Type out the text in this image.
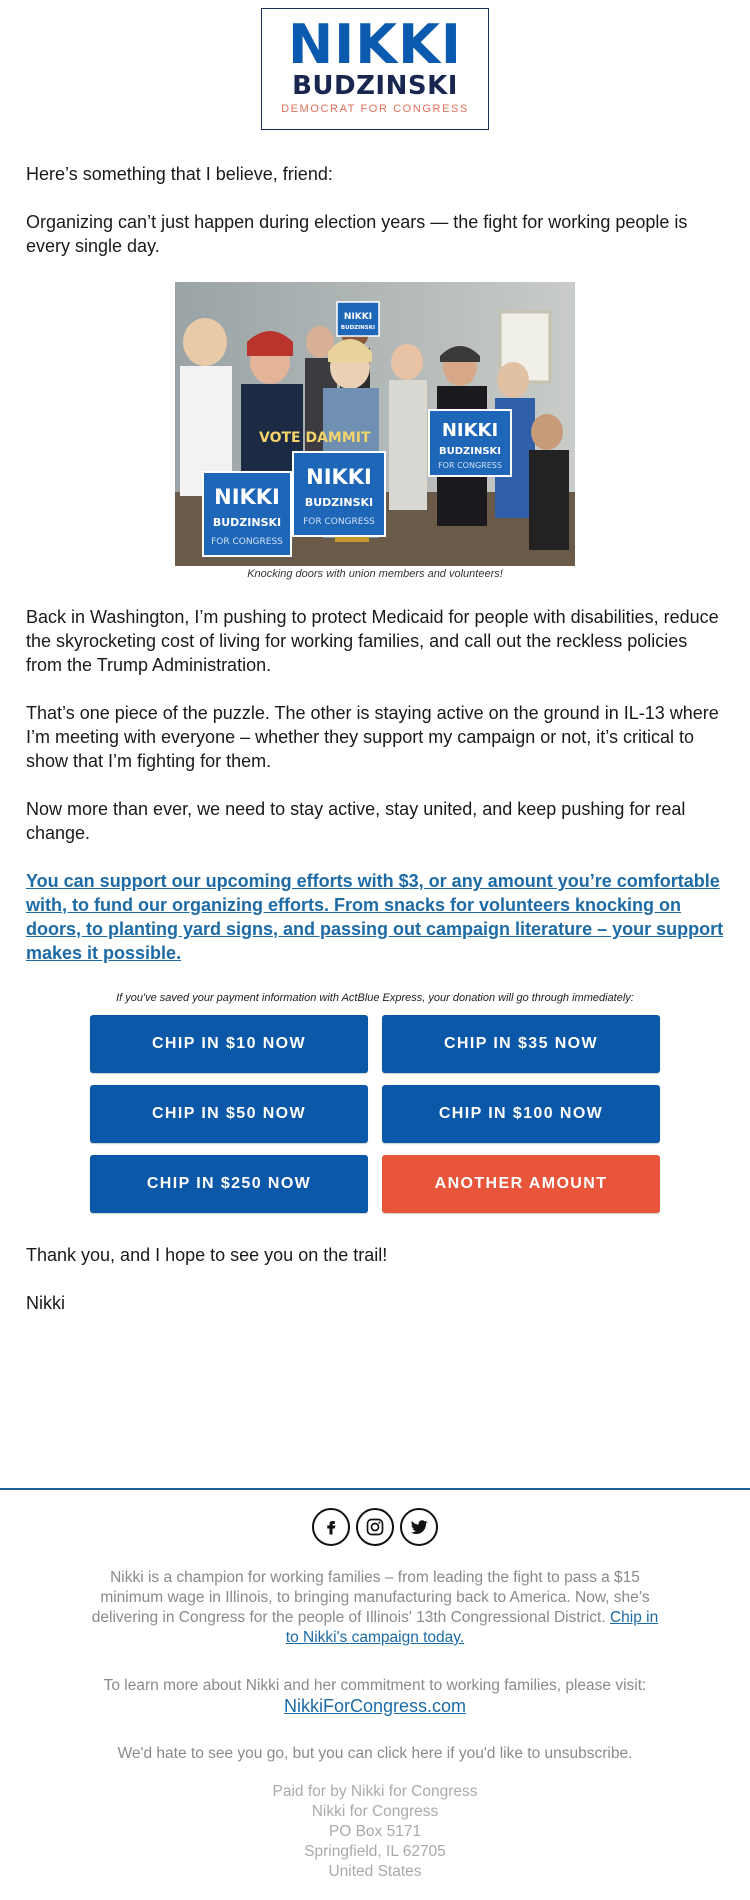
NIKKI
BUDZINSKI
DEMOCRAT FOR CONGRESS

Here’s something that I believe, friend:

Organizing can’t just happen during election years — the fight for working people is every single day.

VOTE DAMMIT
NIKKI
BUDZINSKI
FOR CONGRESS
NIKKI
BUDZINSKI
FOR CONGRESS
NIKKI
BUDZINSKI
FOR CONGRESS
NIKKI
BUDZINSKI
Knocking doors with union members and volunteers!

Back in Washington, I’m pushing to protect Medicaid for people with disabilities, reduce the skyrocketing cost of living for working families, and call out the reckless policies from the Trump Administration.

That’s one piece of the puzzle. The other is staying active on the ground in IL-13 where I’m meeting with everyone – whether they support my campaign or not, it’s critical to show that I’m fighting for them.

Now more than ever, we need to stay active, stay united, and keep pushing for real change.

You can support our upcoming efforts with $3, or any amount you’re comfortable with, to fund our organizing efforts. From snacks for volunteers knocking on doors, to planting yard signs, and passing out campaign literature – your support makes it possible.
If you've saved your payment information with ActBlue Express, your donation will go through immediately:
CHIP IN $10 NOW	CHIP IN $35 NOW
CHIP IN $50 NOW	CHIP IN $100 NOW
CHIP IN $250 NOW	ANOTHER AMOUNT

Thank you, and I hope to see you on the trail!

Nikki

Nikki is a champion for working families – from leading the fight to pass a $15 minimum wage in Illinois, to bringing manufacturing back to America. Now, she’s delivering in Congress for the people of Illinois' 13th Congressional District. Chip in to Nikki's campaign today.
To learn more about Nikki and her commitment to working families, please visit:
NikkiForCongress.com
We'd hate to see you go, but you can click here if you'd like to unsubscribe.
Paid for by Nikki for Congress
Nikki for Congress
PO Box 5171
Springfield, IL 62705
United States
